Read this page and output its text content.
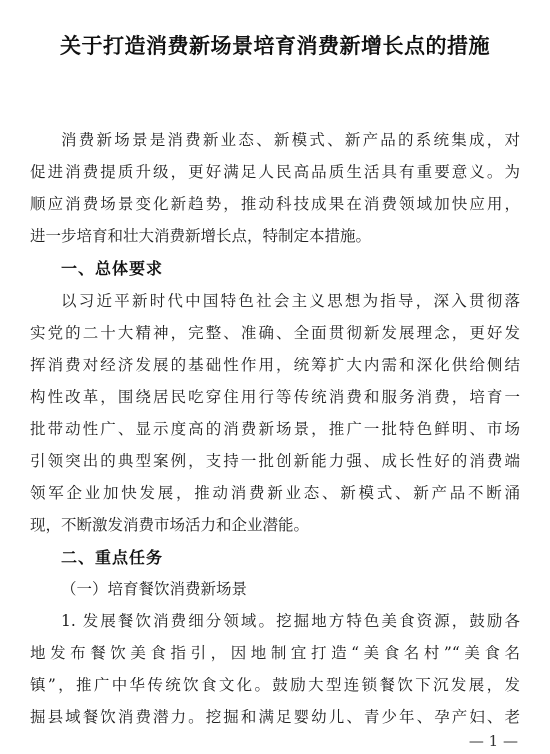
关于打造消费新场景培育消费新增长点的措施
消费新场景是消费新业态、新模式、新产品的系统集成，对
促进消费提质升级，更好满足人民高品质生活具有重要意义。为
顺应消费场景变化新趋势，推动科技成果在消费领域加快应用，
进一步培育和壮大消费新增长点，特制定本措施。
一、总体要求
以习近平新时代中国特色社会主义思想为指导，深入贯彻落
实党的二十大精神，完整、准确、全面贯彻新发展理念，更好发
挥消费对经济发展的基础性作用，统筹扩大内需和深化供给侧结
构性改革，围绕居民吃穿住用行等传统消费和服务消费，培育一
批带动性广、显示度高的消费新场景，推广一批特色鲜明、市场
引领突出的典型案例，支持一批创新能力强、成长性好的消费端
领军企业加快发展，推动消费新业态、新模式、新产品不断涌
现，不断激发消费市场活力和企业潜能。
二、重点任务
（一）培育餐饮消费新场景
1. 发展餐饮消费细分领域。挖掘地方特色美食资源，鼓励各
地发布餐饮美食指引，因地制宜打造“美食名村”“美食名
镇”，推广中华传统饮食文化。鼓励大型连锁餐饮下沉发展，发
掘县域餐饮消费潜力。挖掘和满足婴幼儿、青少年、孕产妇、老
— 1 —
